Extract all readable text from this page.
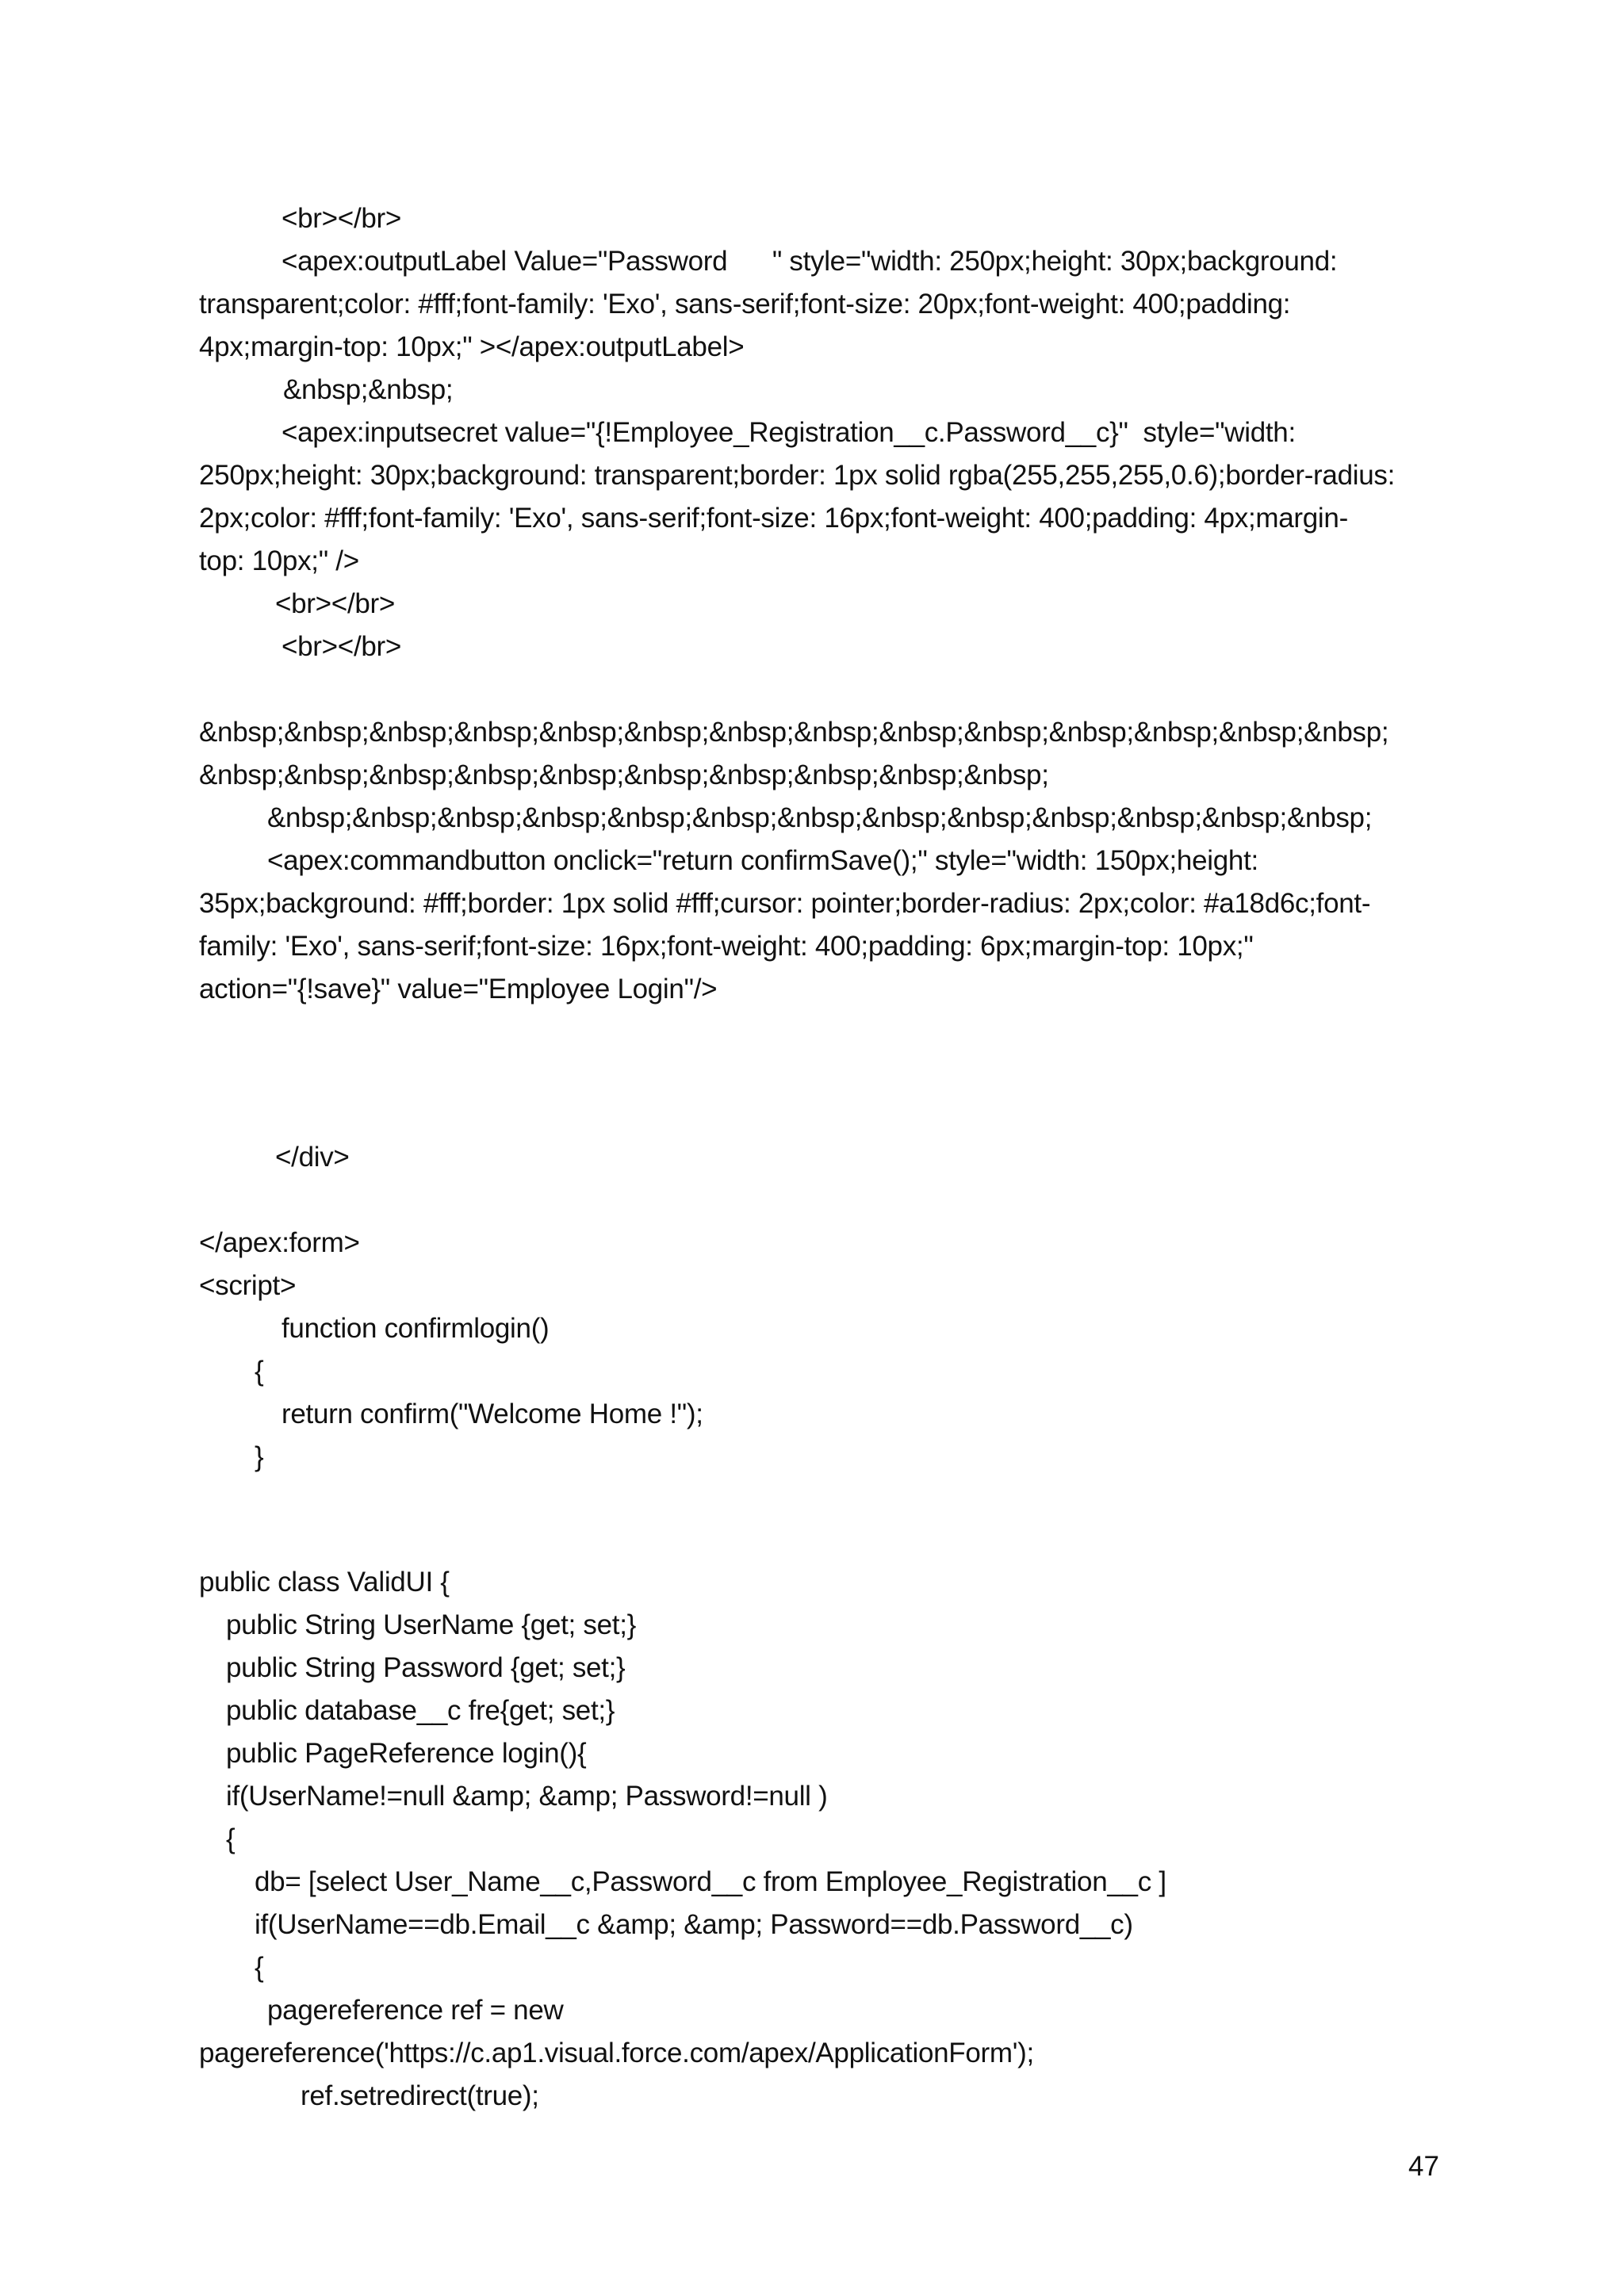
<br></br>
<apex:outputLabel Value="Password      " style="width: 250px;height: 30px;background:
transparent;color: #fff;font-family: 'Exo', sans-serif;font-size: 20px;font-weight: 400;padding:
4px;margin-top: 10px;" ></apex:outputLabel>
&nbsp;&nbsp;
<apex:inputsecret value="{!Employee_Registration__c.Password__c}"  style="width:
250px;height: 30px;background: transparent;border: 1px solid rgba(255,255,255,0.6);border-radius:
2px;color: #fff;font-family: 'Exo', sans-serif;font-size: 16px;font-weight: 400;padding: 4px;margin-
top: 10px;" />
<br></br>
<br></br>
&nbsp;&nbsp;&nbsp;&nbsp;&nbsp;&nbsp;&nbsp;&nbsp;&nbsp;&nbsp;&nbsp;&nbsp;&nbsp;&nbsp;
&nbsp;&nbsp;&nbsp;&nbsp;&nbsp;&nbsp;&nbsp;&nbsp;&nbsp;&nbsp;
&nbsp;&nbsp;&nbsp;&nbsp;&nbsp;&nbsp;&nbsp;&nbsp;&nbsp;&nbsp;&nbsp;&nbsp;&nbsp;
<apex:commandbutton onclick="return confirmSave();" style="width: 150px;height:
35px;background: #fff;border: 1px solid #fff;cursor: pointer;border-radius: 2px;color: #a18d6c;font-
family: 'Exo', sans-serif;font-size: 16px;font-weight: 400;padding: 6px;margin-top: 10px;"
action="{!save}" value="Employee Login"/>
</div>
</apex:form>
<script>
function confirmlogin()
{
return confirm("Welcome Home !");
}
public class ValidUI {
public String UserName {get; set;}
public String Password {get; set;}
public database__c fre{get; set;}
public PageReference login(){
if(UserName!=null &amp; &amp; Password!=null )
{
db= [select User_Name__c,Password__c from Employee_Registration__c ]
if(UserName==db.Email__c &amp; &amp; Password==db.Password__c)
{
pagereference ref = new
pagereference('https://c.ap1.visual.force.com/apex/ApplicationForm');
ref.setredirect(true);
47
